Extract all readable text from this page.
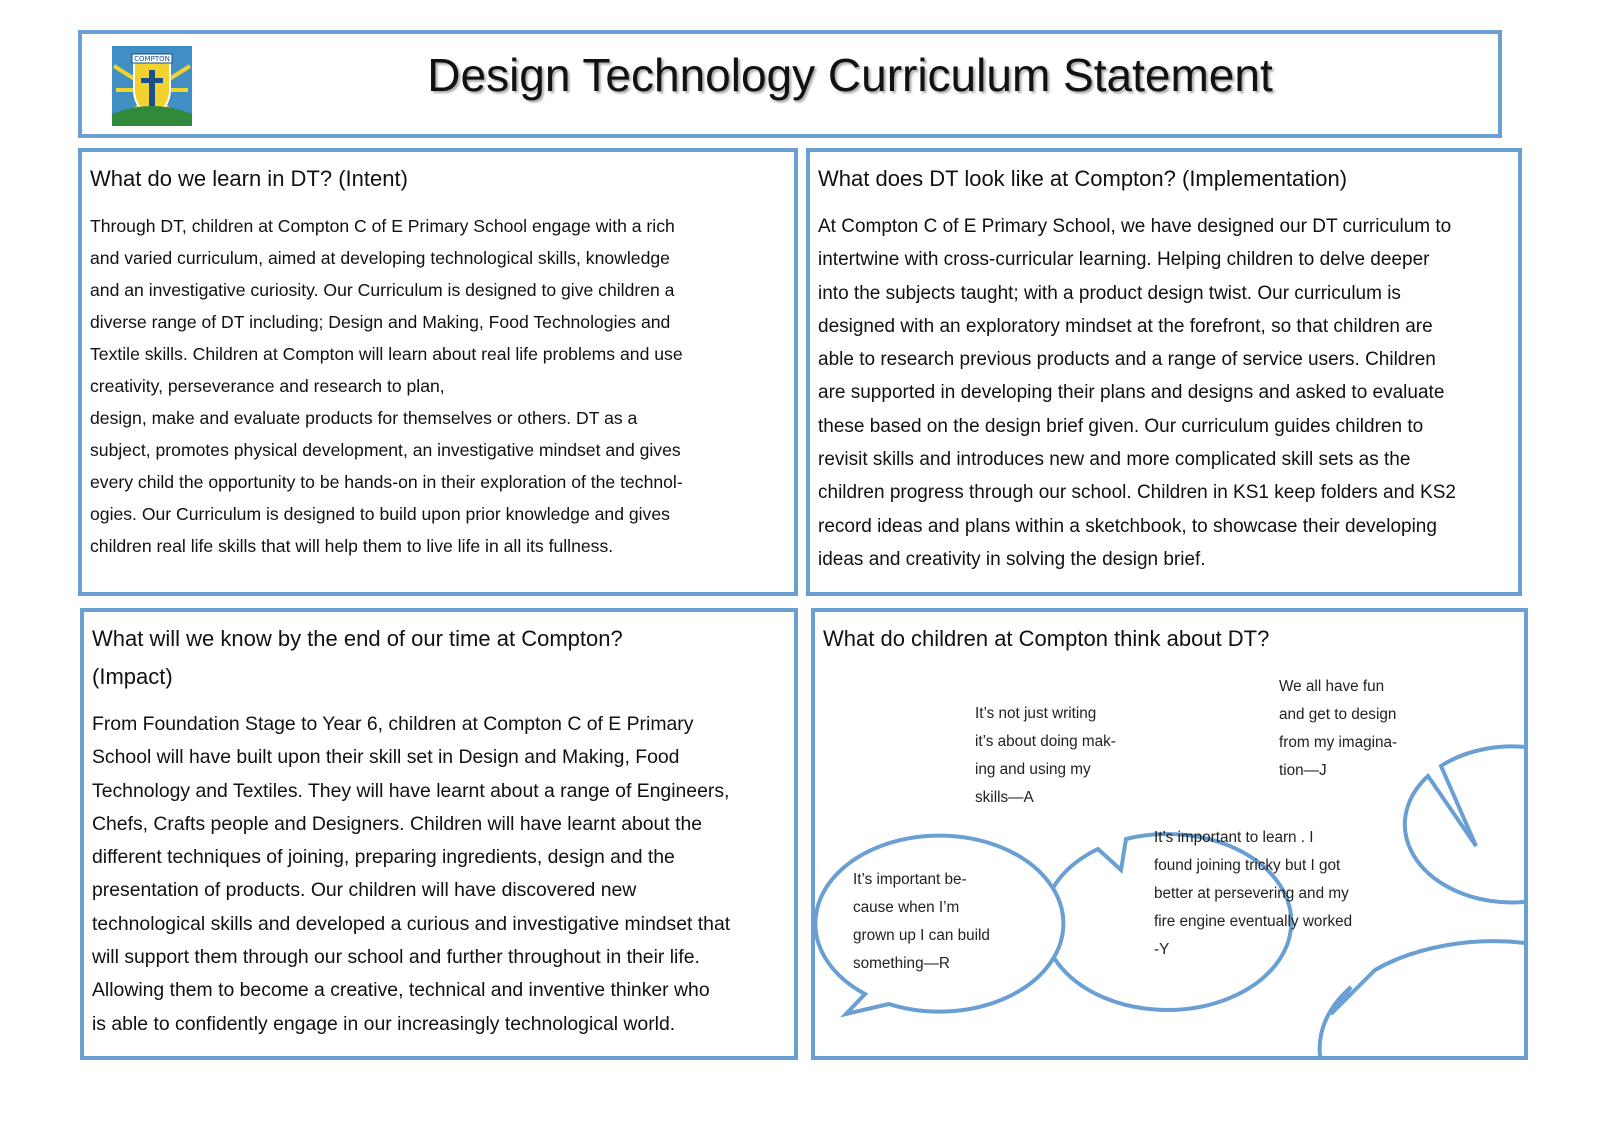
COMPTON	Design Technology Curriculum Statement
What do we learn in DT? (Intent)
Through DT, children at Compton C of E Primary School engage with a rich
and varied curriculum, aimed at developing technological skills, knowledge
and an investigative curiosity. Our Curriculum is designed to give children a
diverse range of DT including; Design and Making, Food Technologies and
Textile skills. Children at Compton will learn about real life problems and use
creativity, perseverance and research to plan,
design, make and evaluate products for themselves or others. DT as a
subject, promotes physical development, an investigative mindset and gives
every child the opportunity to be hands-on in their exploration of the technol-
ogies. Our Curriculum is designed to build upon prior knowledge and gives
children real life skills that will help them to live life in all its fullness.
What does DT look like at Compton? (Implementation)
At Compton C of E Primary School, we have designed our DT curriculum to
intertwine with cross-curricular learning. Helping children to delve deeper
into the subjects taught; with a product design twist. Our curriculum is
designed with an exploratory mindset at the forefront, so that children are
able to research previous products and a range of service users. Children
are supported in developing their plans and designs and asked to evaluate
these based on the design brief given. Our curriculum guides children to
revisit skills and introduces new and more complicated skill sets as the
children progress through our school. Children in KS1 keep folders and KS2
record ideas and plans within a sketchbook, to showcase their developing
ideas and creativity in solving the design brief.
What will we know by the end of our time at Compton?
(Impact)
From Foundation Stage to Year 6, children at Compton C of E Primary
School will have built upon their skill set in Design and Making, Food
Technology and Textiles. They will have learnt about a range of Engineers,
Chefs, Crafts people and Designers. Children will have learnt about the
different techniques of joining, preparing ingredients, design and the
presentation of products. Our children will have discovered new
technological skills and developed a curious and investigative mindset that
will support them through our school and further throughout in their life.
Allowing them to become a creative, technical and inventive thinker who
is able to confidently engage in our increasingly technological world.
What do children at Compton think about DT?
It’s not just writing
it’s about doing mak-
ing and using my
skills—A
We all have fun
and get to design
from my imagina-
tion—J
It’s important to learn . I
found joining tricky but I got
better at persevering and my
fire engine eventually worked
-Y
It’s important be-
cause when I’m
grown up I can build
something—R
